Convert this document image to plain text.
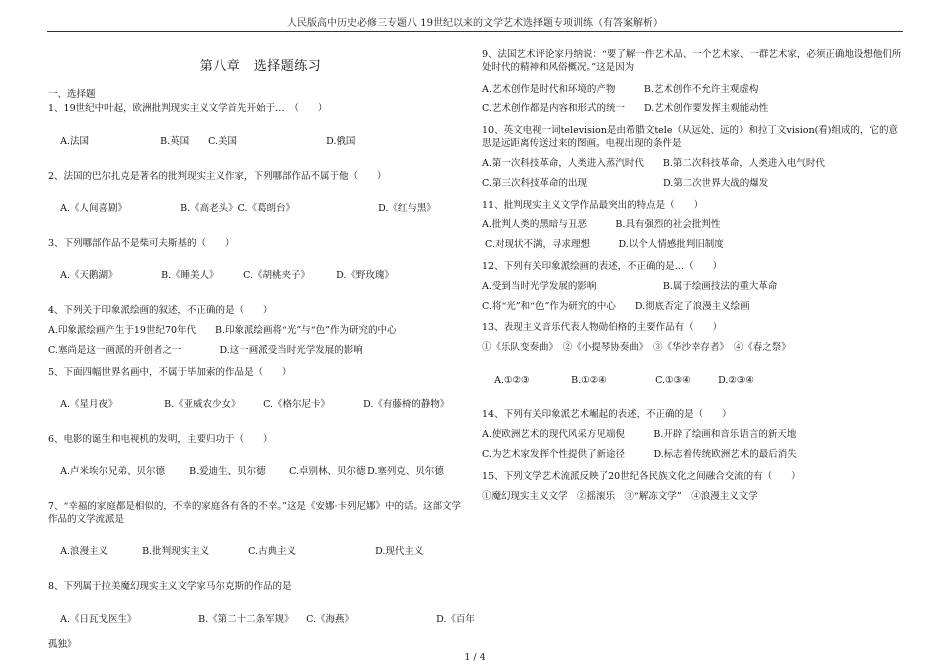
人民版高中历史必修三专题八 19世纪以来的文学艺术选择题专项训练（有答案解析）
第八章　选择题练习
一、选择题

1、19世纪中叶起，欧洲批判现实主义文学首先开始于…　（　　）

A.法国	B.英国 C.美国	D.俄国

2、法国的巴尔扎克是著名的批判现实主义作家，下列哪部作品不属于他（　　）

A.《人间喜剧》	B.《高老头》C.《葛朗台》	D.《红与黑》

3、下列哪部作品不是柴可夫斯基的（　　）

A.《天鹅湖》	B.《睡美人》	C.《胡桃夹子》	D.《野玫瑰》

4、下列关于印象派绘画的叙述，不正确的是（　　）

A.印象派绘画产生于19世纪70年代　　B.印象派绘画将“光”与“色”作为研究的中心
C.塞尚是这一画派的开创者之一　　　　D.这一画派受当时光学发展的影响

5、下面四幅世界名画中，不属于毕加索的作品是（　　）

A.《星月夜》	B.《亚威农少女》 C.《格尔尼卡》	D.《有藤椅的静物》

6、电影的诞生和电视机的发明，主要归功于（　　）

A.卢米埃尔兄弟、贝尔德	B.爱迪生、贝尔德 C.卓别林、贝尔德 D.塞列克、贝尔德

7、“幸福的家庭都是相似的，不幸的家庭各有各的不幸。”这是《安娜·卡列尼娜》中的话。这部文学作品的文学流派是

A.浪漫主义	B.批判现实主义	C.古典主义	D.现代主义

8、下列属于拉美魔幻现实主义文学家马尔克斯的作品的是

A.《日瓦戈医生》	B.《第二十二条军规》 C.《海燕》	D.《百年

孤独》

9、法国艺术评论家丹纳说：“要了解一件艺术品、一个艺术家、一群艺术家，必须正确地设想他们所处时代的精神和风俗概况。”这是因为

A.艺术创作是时代和环境的产物　　　B.艺术创作不允许主观虚构
C.艺术创作都是内容和形式的统一　　D.艺术创作要发挥主观能动性

10、英文电视一词television是由希腊文tele（从远处、远的）和拉丁文vision(看)组成的，它的意思是远距离传送过来的图画。电视出现的条件是

A.第一次科技革命，人类进入蒸汽时代　　B.第二次科技革命，人类进入电气时代
C.第三次科技革命的出现　　　　　　　　D.第二次世界大战的爆发

11、批判现实主义文学作品最突出的特点是（　　）

A.批判人类的黑暗与丑恶　　　B.具有强烈的社会批判性
C.对现状不满，寻求理想　　　D.以个人情感批判旧制度

12、下列有关印象派绘画的表述，不正确的是…（　　）

A.受到当时光学发展的影响　　　　　　　B.属于绘画技法的重大革命
C.将“光”和“色”作为研究的中心　　D.彻底否定了浪漫主义绘画

13、表现主义音乐代表人物勋伯格的主要作品有（　　）

①《乐队变奏曲》　②《小提琴协奏曲》　③《华沙幸存者》　④《春之祭》

A.①②③	B.①②④	C.①③④	D.②③④

14、下列有关印象派艺术崛起的表述，不正确的是（　　）

A.使欧洲艺术的现代风采方见端倪　　　B.开辟了绘画和音乐语言的新天地
C.为艺术家发挥个性提供了新途径　　　D.标志着传统欧洲艺术的最后消失

15、下列文学艺术流派反映了20世纪各民族文化之间融合交流的有（　　）

①魔幻现实主义文学　②摇滚乐　③“解冻文学”　④浪漫主义文学
1 / 4
